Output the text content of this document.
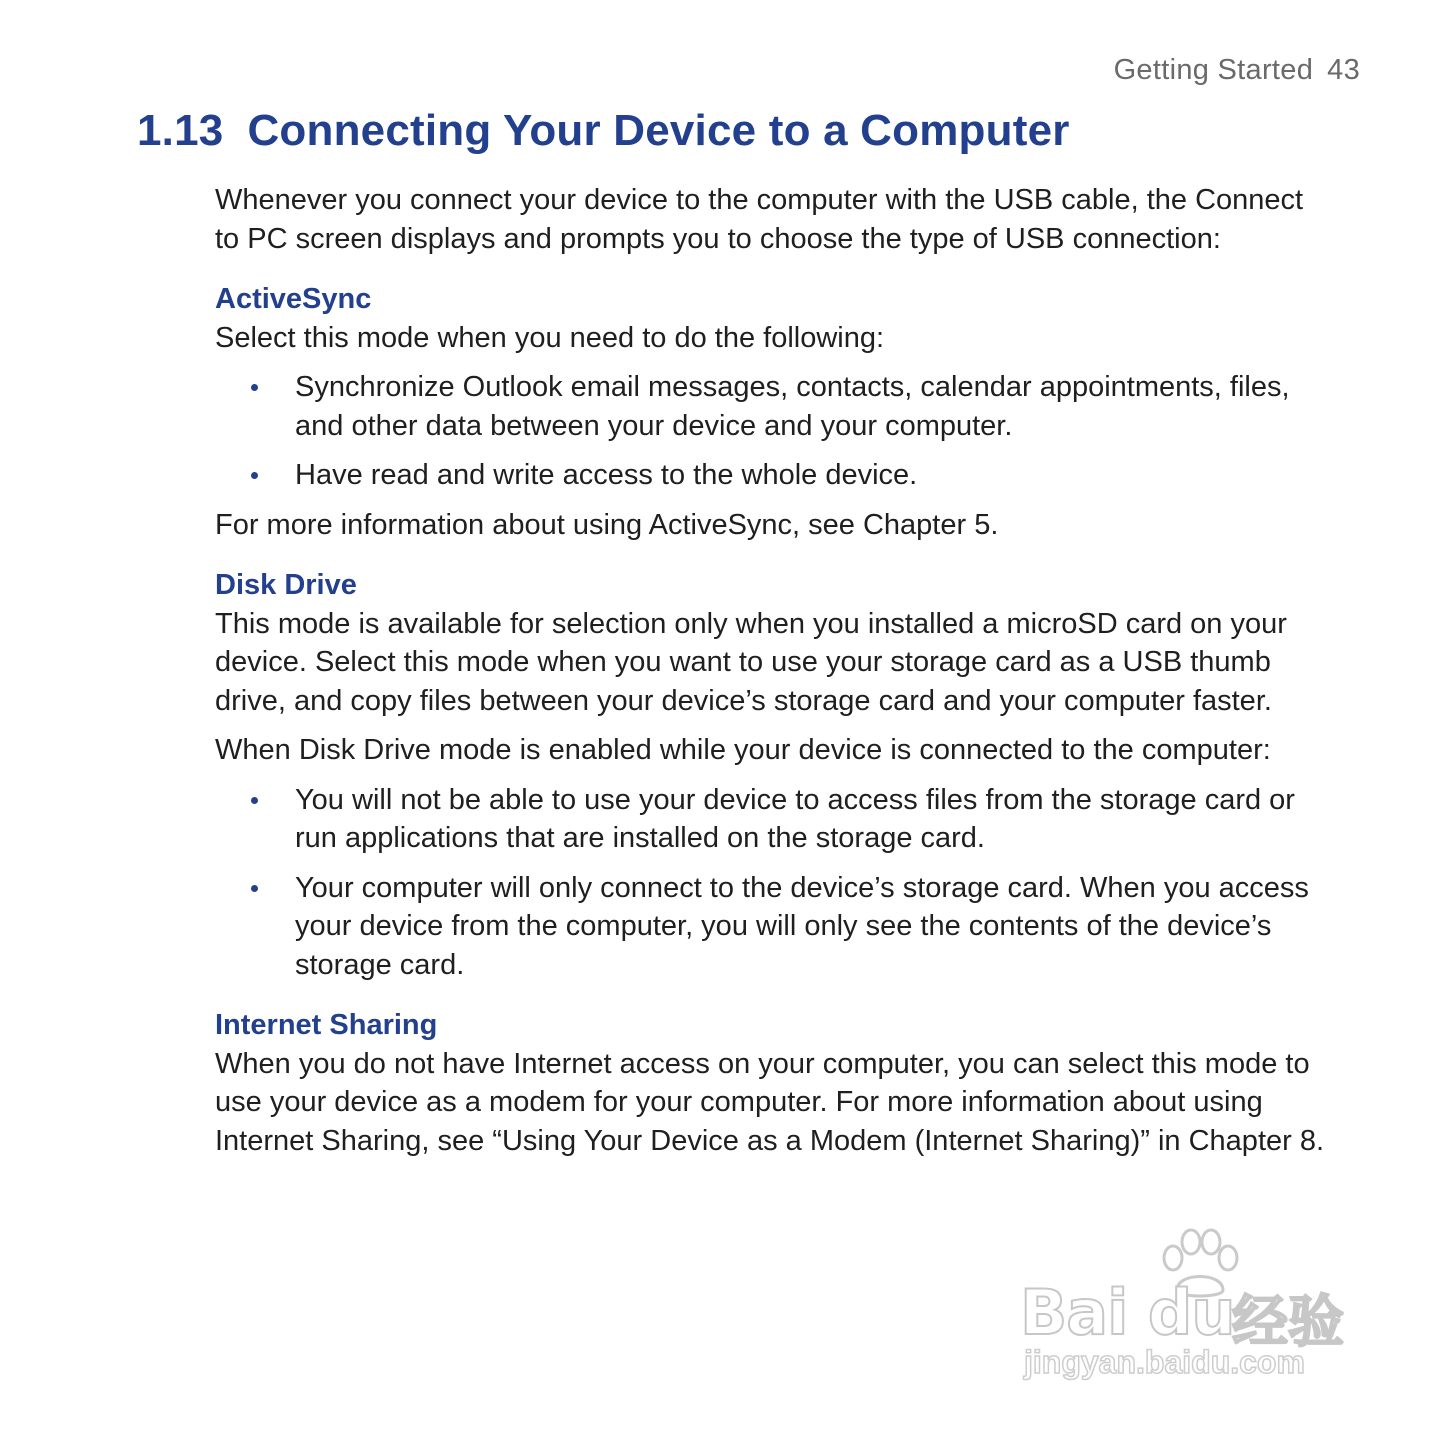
Getting Started 43
1.13 Connecting Your Device to a Computer

Whenever you connect your device to the computer with the USB cable, the Connect to PC screen displays and prompts you to choose the type of USB connection:

ActiveSync

Select this mode when you need to do the following:

Synchronize Outlook email messages, contacts, calendar appointments, files, and other data between your device and your computer.
Have read and write access to the whole device.

For more information about using ActiveSync, see Chapter 5.

Disk Drive

This mode is available for selection only when you installed a microSD card on your device. Select this mode when you want to use your storage card as a USB thumb drive, and copy files between your device’s storage card and your computer faster.

When Disk Drive mode is enabled while your device is connected to the computer:

You will not be able to use your device to access files from the storage card or run applications that are installed on the storage card.
Your computer will only connect to the device’s storage card. When you access your device from the computer, you will only see the contents of the device’s storage card.

Internet Sharing

When you do not have Internet access on your computer, you can select this mode to use your device as a modem for your computer. For more information about using Internet Sharing, see “Using Your Device as a Modem (Internet Sharing)” in Chapter 8.

Bai du
经验
jingyan.baidu.com
